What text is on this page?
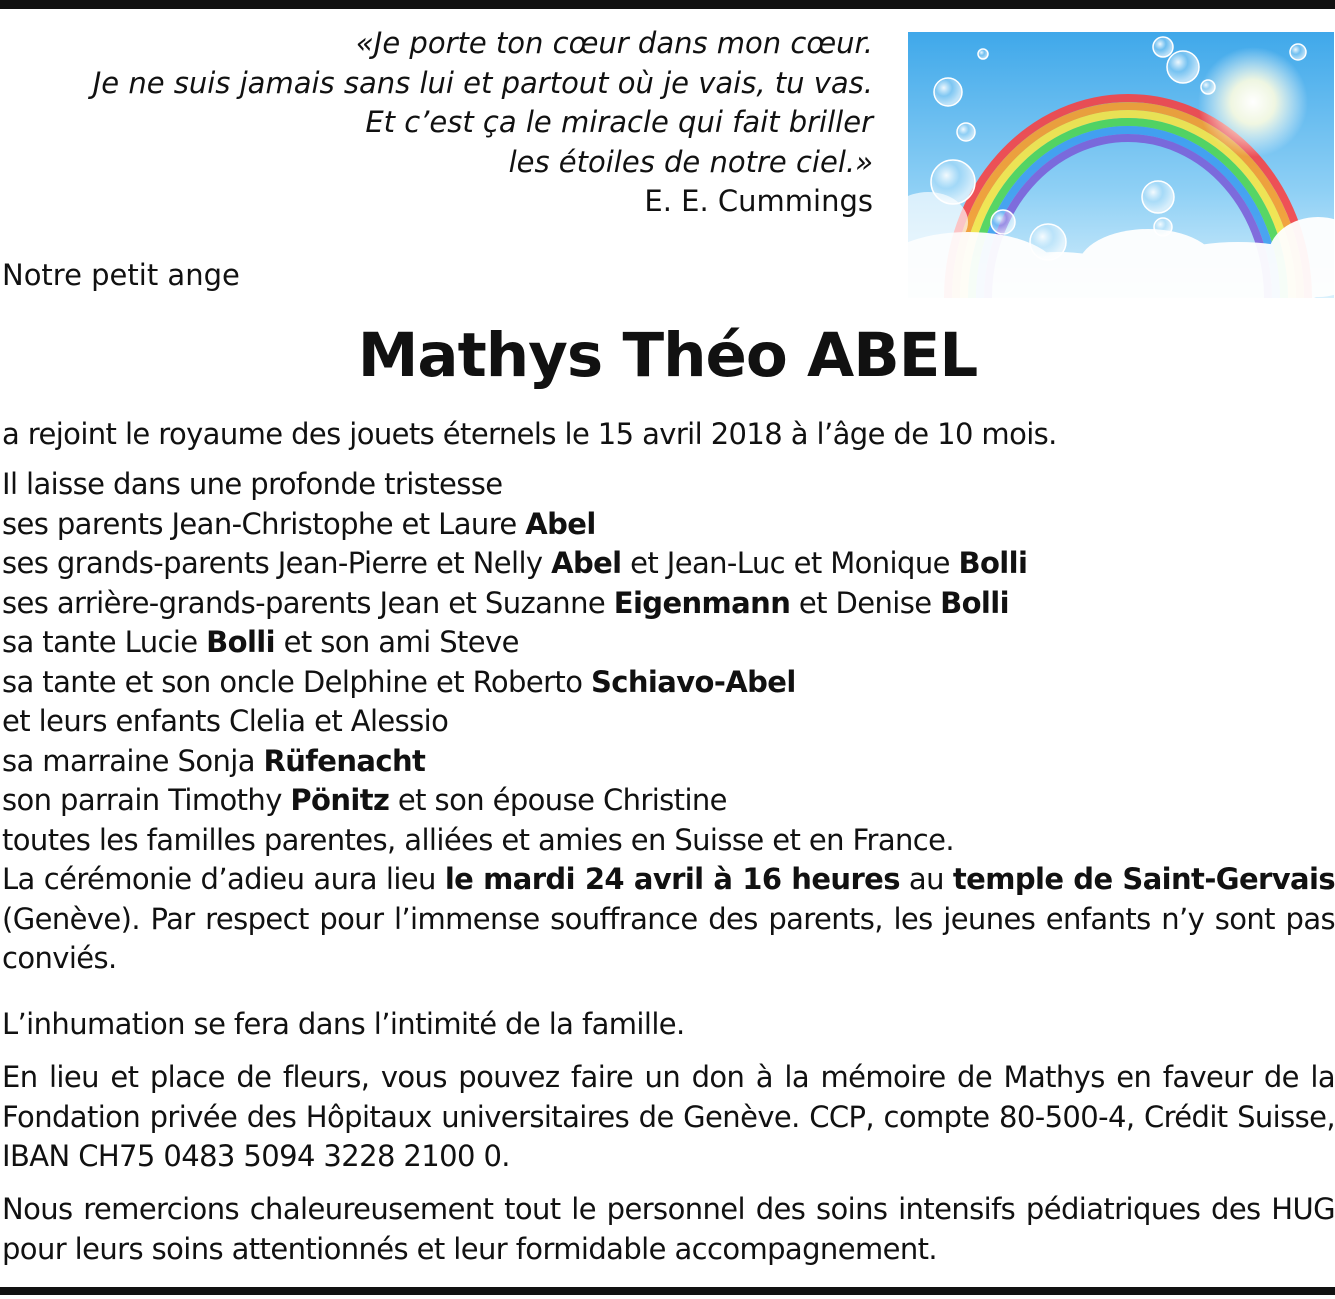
«Je porte ton cœur dans mon cœur.
Je ne suis jamais sans lui et partout où je vais, tu vas.
Et c’est ça le miracle qui fait briller
les étoiles de notre ciel.»
E. E. Cummings
Notre petit ange
Mathys Théo ABEL
a rejoint le royaume des jouets éternels le 15 avril 2018 à l’âge de 10 mois.
Il laisse dans une profonde tristesse
ses parents Jean-Christophe et Laure Abel
ses grands-parents Jean-Pierre et Nelly Abel et Jean-Luc et Monique Bolli
ses arrière-grands-parents Jean et Suzanne Eigenmann et Denise Bolli
sa tante Lucie Bolli et son ami Steve
sa tante et son oncle Delphine et Roberto Schiavo-Abel
et leurs enfants Clelia et Alessio
sa marraine Sonja Rüfenacht
son parrain Timothy Pönitz et son épouse Christine
toutes les familles parentes, alliées et amies en Suisse et en France.

La cérémonie d’adieu aura lieu le mardi 24 avril à 16 heures au temple de Saint-Gervais (Genève). Par respect pour l’immense souffrance des parents, les jeunes enfants n’y sont pas conviés.

L’inhumation se fera dans l’intimité de la famille.

En lieu et place de fleurs, vous pouvez faire un don à la mémoire de Mathys en faveur de la Fondation privée des Hôpitaux universitaires de Genève. CCP, compte 80-500-4, Crédit Suisse, IBAN CH75 0483 5094 3228 2100 0.

Nous remercions chaleureusement tout le personnel des soins intensifs pédiatriques des HUG pour leurs soins attentionnés et leur formidable accompagnement.
